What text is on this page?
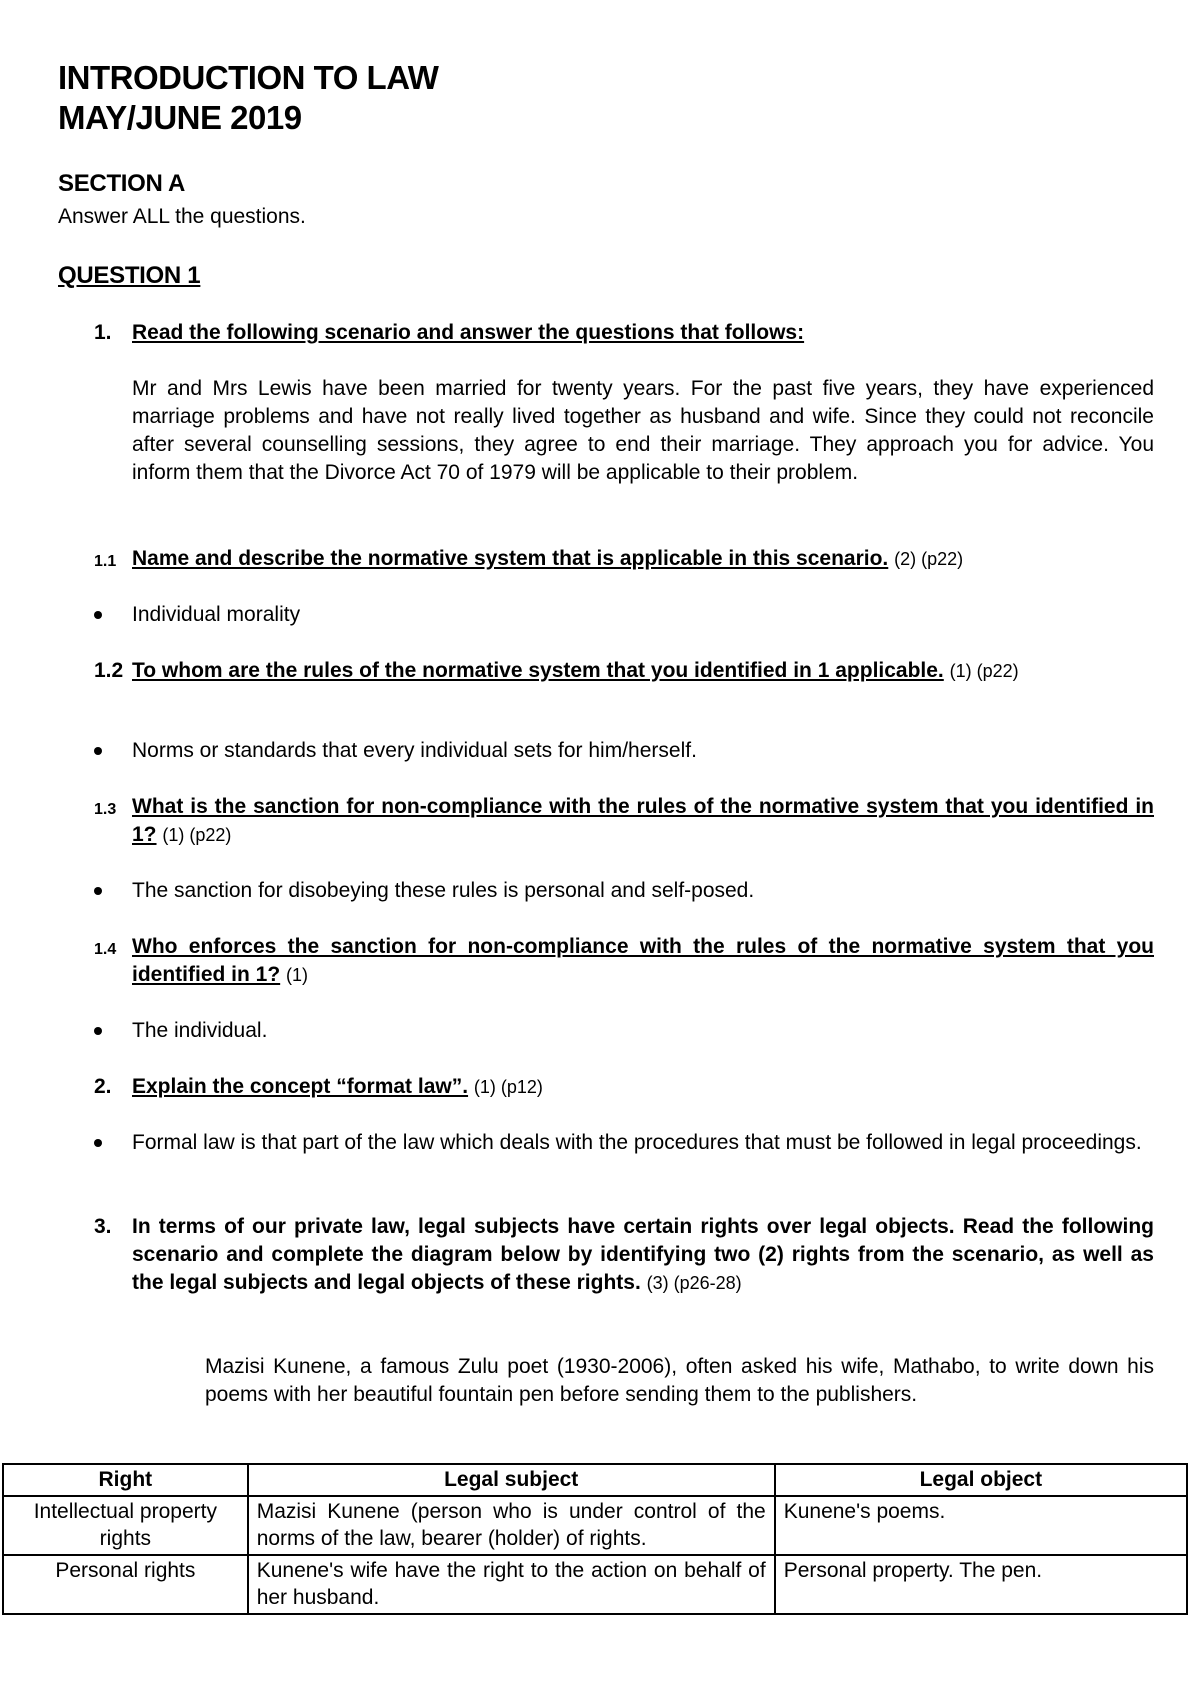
INTRODUCTION TO LAW
MAY/JUNE 2019
SECTION A

Answer ALL the questions.

QUESTION 1
1. Read the following scenario and answer the questions that follows:

Mr and Mrs Lewis have been married for twenty years. For the past five years, they have experienced marriage problems and have not really lived together as husband and wife. Since they could not reconcile after several counselling sessions, they agree to end their marriage. They approach you for advice. You inform them that the Divorce Act 70 of 1979 will be applicable to their problem.

1.1 Name and describe the normative system that is applicable in this scenario. (2) (p22)
Individual morality
1.2 To whom are the rules of the normative system that you identified in 1 applicable. (1) (p22)
Norms or standards that every individual sets for him/herself.
1.3 What is the sanction for non-compliance with the rules of the normative system that you identified in 1? (1) (p22)
The sanction for disobeying these rules is personal and self-posed.
1.4 Who enforces the sanction for non-compliance with the rules of the normative system that you identified in 1? (1)
The individual.
2. Explain the concept “format law”. (1) (p12)
Formal law is that part of the law which deals with the procedures that must be followed in legal proceedings.
3. In terms of our private law, legal subjects have certain rights over legal objects. Read the following scenario and complete the diagram below by identifying two (2) rights from the scenario, as well as the legal subjects and legal objects of these rights. (3) (p26-28)

Mazisi Kunene, a famous Zulu poet (1930-2006), often asked his wife, Mathabo, to write down his poems with her beautiful fountain pen before sending them to the publishers.

Right	Legal subject	Legal object
Intellectual property rights	Mazisi Kunene (person who is under control of the norms of the law, bearer (holder) of rights.	Kunene's poems.
Personal rights	Kunene's wife have the right to the action on behalf of her husband.	Personal property. The pen.
